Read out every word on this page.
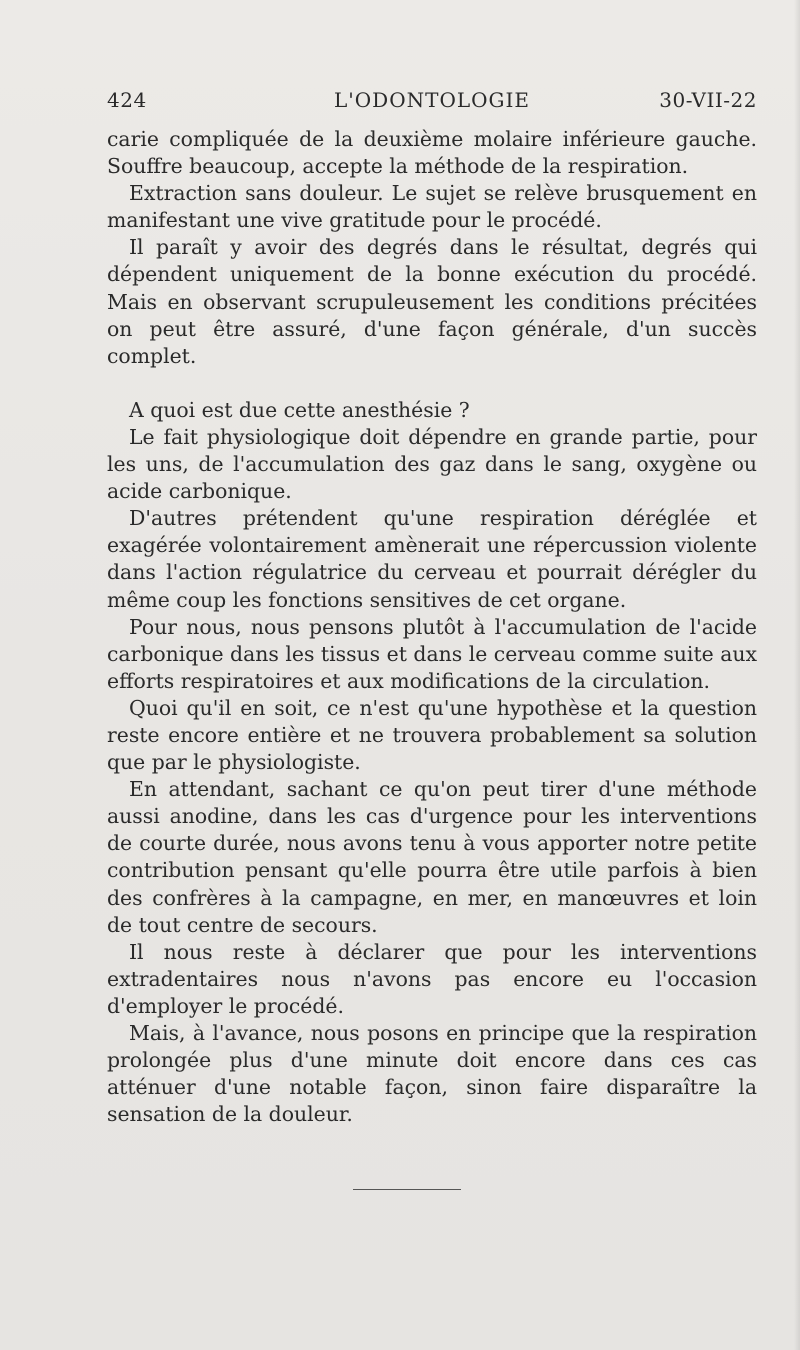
424	L'ODONTOLOGIE	30-VII-22

carie compliquée de la deuxième molaire inférieure gauche. Souffre beaucoup, accepte la méthode de la respiration.

Extraction sans douleur. Le sujet se relève brusquement en manifestant une vive gratitude pour le procédé.

Il paraît y avoir des degrés dans le résultat, degrés qui dépendent uniquement de la bonne exécution du procédé. Mais en observant scrupuleusement les conditions précitées on peut être assuré, d'une façon générale, d'un succès complet.

A quoi est due cette anesthésie ?

Le fait physiologique doit dépendre en grande partie, pour les uns, de l'accumulation des gaz dans le sang, oxygène ou acide carbonique.

D'autres prétendent qu'une respiration déréglée et exagérée volontairement amènerait une répercussion violente dans l'action régulatrice du cerveau et pourrait dérégler du même coup les fonctions sensitives de cet organe.

Pour nous, nous pensons plutôt à l'accumulation de l'acide carbonique dans les tissus et dans le cerveau comme suite aux efforts respiratoires et aux modifications de la circulation.

Quoi qu'il en soit, ce n'est qu'une hypothèse et la question reste encore entière et ne trouvera probablement sa solution que par le physiologiste.

En attendant, sachant ce qu'on peut tirer d'une méthode aussi anodine, dans les cas d'urgence pour les interventions de courte durée, nous avons tenu à vous apporter notre petite contribution pensant qu'elle pourra être utile parfois à bien des confrères à la campagne, en mer, en manœuvres et loin de tout centre de secours.

Il nous reste à déclarer que pour les interventions extradentaires nous n'avons pas encore eu l'occasion d'employer le procédé.

Mais, à l'avance, nous posons en principe que la respiration prolongée plus d'une minute doit encore dans ces cas atténuer d'une notable façon, sinon faire disparaître la sensation de la douleur.
